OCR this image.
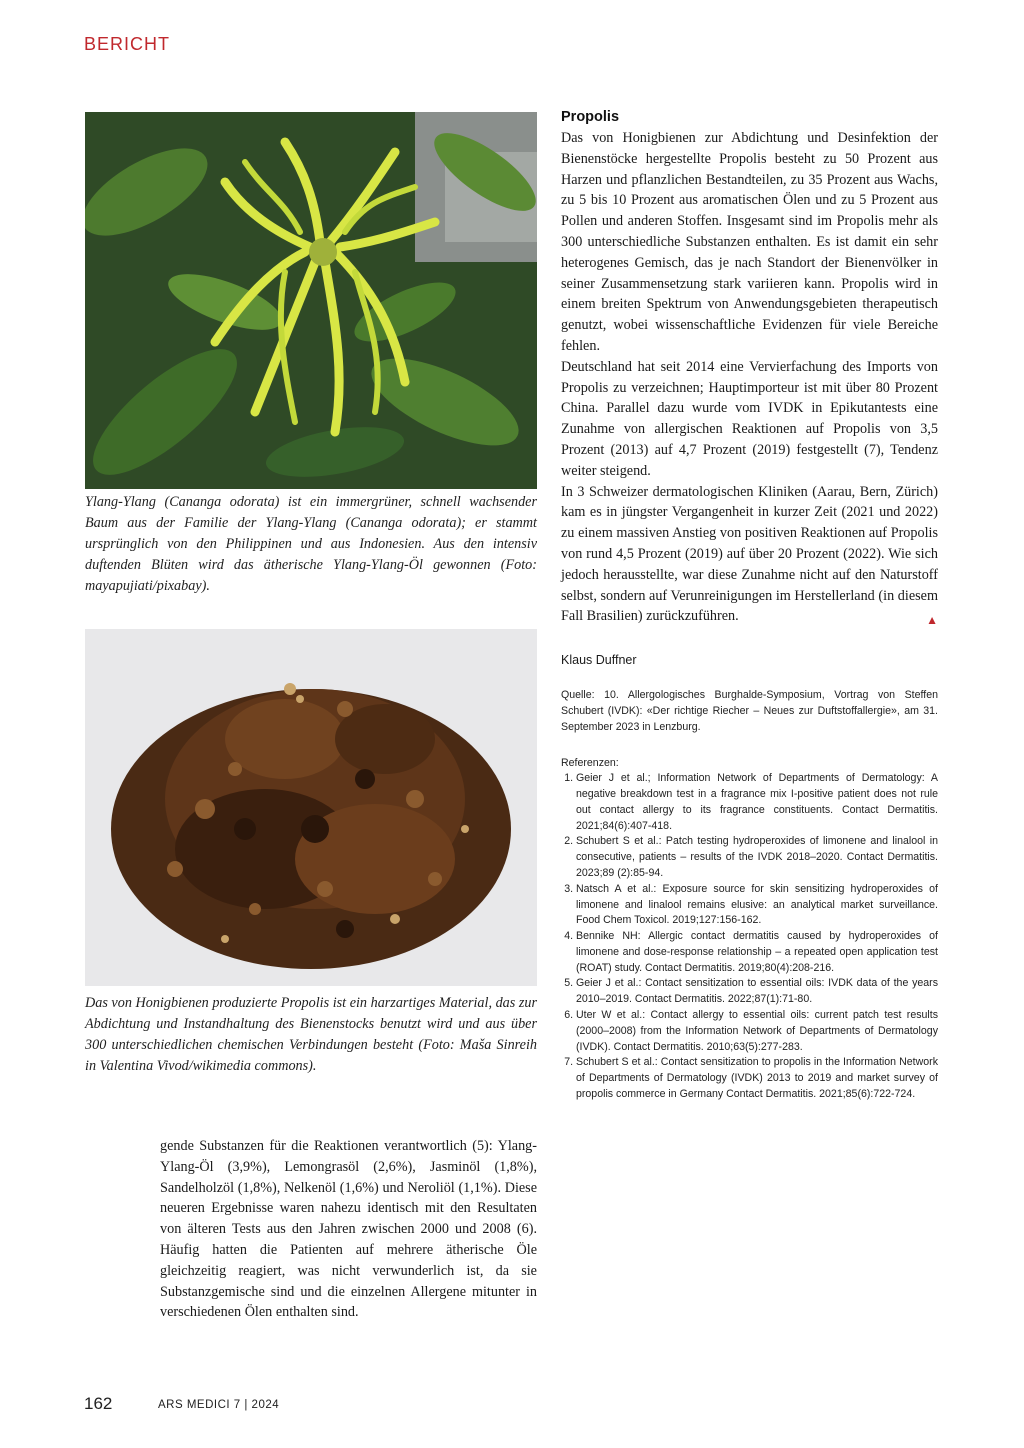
BERICHT

Ylang-Ylang (Cananga odorata) ist ein immergrüner, schnell wachsender Baum aus der Familie der Ylang-Ylang (Cananga odorata); er stammt ursprünglich von den Philippinen und aus Indonesien. Aus den intensiv duftenden Blüten wird das ätherische Ylang-Ylang-Öl gewonnen (Foto: mayapujiati/pixabay).

Das von Honigbienen produzierte Propolis ist ein harzartiges Material, das zur Abdichtung und Instandhaltung des Bienenstocks benutzt wird und aus über 300 unterschiedlichen chemischen Verbindungen besteht (Foto: Maša Sinreih in Valentina Vivod/wikimedia commons).

gende Substanzen für die Reaktionen verantwortlich (5): Ylang-Ylang-Öl (3,9%), Lemongrasöl (2,6%), Jasminöl (1,8%), Sandelholzöl (1,8%), Nelkenöl (1,6%) und Neroliöl (1,1%). Diese neueren Ergebnisse waren nahezu identisch mit den Resultaten von älteren Tests aus den Jahren zwischen 2000 und 2008 (6). Häufig hatten die Patienten auf mehrere ätherische Öle gleichzeitig reagiert, was nicht verwunderlich ist, da sie Substanzgemische sind und die einzelnen Allergene mitunter in verschiedenen Ölen enthalten sind.

Propolis

Das von Honigbienen zur Abdichtung und Desinfektion der Bienenstöcke hergestellte Propolis besteht zu 50 Prozent aus Harzen und pflanzlichen Bestandteilen, zu 35 Prozent aus Wachs, zu 5 bis 10 Prozent aus aromatischen Ölen und zu 5 Prozent aus Pollen und anderen Stoffen. Insgesamt sind im Propolis mehr als 300 unterschiedliche Substanzen enthalten. Es ist damit ein sehr heterogenes Gemisch, das je nach Standort der Bienenvölker in seiner Zusammensetzung stark variieren kann. Propolis wird in einem breiten Spektrum von Anwendungsgebieten therapeutisch genutzt, wobei wissenschaftliche Evidenzen für viele Bereiche fehlen.

Deutschland hat seit 2014 eine Vervierfachung des Imports von Propolis zu verzeichnen; Hauptimporteur ist mit über 80 Prozent China. Parallel dazu wurde vom IVDK in Epikutantests eine Zunahme von allergischen Reaktionen auf Propolis von 3,5 Prozent (2013) auf 4,7 Prozent (2019) festgestellt (7), Tendenz weiter steigend.

In 3 Schweizer dermatologischen Kliniken (Aarau, Bern, Zürich) kam es in jüngster Vergangenheit in kurzer Zeit (2021 und 2022) zu einem massiven Anstieg von positiven Reaktionen auf Propolis von rund 4,5 Prozent (2019) auf über 20 Prozent (2022). Wie sich jedoch herausstellte, war diese Zunahme nicht auf den Naturstoff selbst, sondern auf Verunreinigungen im Herstellerland (in diesem Fall Brasilien) zurückzuführen.	▲

Klaus Duffner

Quelle: 10. Allergologisches Burghalde-Symposium, Vortrag von Steffen Schubert (IVDK): «Der richtige Riecher – Neues zur Duftstoffallergie», am 31. September 2023 in Lenzburg.

Referenzen:

1. Geier J et al.; Information Network of Departments of Dermatology: A negative breakdown test in a fragrance mix I-positive patient does not rule out contact allergy to its fragrance constituents. Contact Dermatitis. 2021;84(6):407-418.
2. Schubert S et al.: Patch testing hydroperoxides of limonene and linalool in consecutive, patients – results of the IVDK 2018–2020. Contact Dermatitis. 2023;89 (2):85-94.
3. Natsch A et al.: Exposure source for skin sensitizing hydroperoxides of limonene and linalool remains elusive: an analytical market surveillance. Food Chem Toxicol. 2019;127:156-162.
4. Bennike NH: Allergic contact dermatitis caused by hydroperoxides of limonene and dose-response relationship – a repeated open application test (ROAT) study. Contact Dermatitis. 2019;80(4):208-216.
5. Geier J et al.: Contact sensitization to essential oils: IVDK data of the years 2010–2019. Contact Dermatitis. 2022;87(1):71-80.
6. Uter W et al.: Contact allergy to essential oils: current patch test results (2000–2008) from the Information Network of Departments of Dermatology (IVDK). Contact Dermatitis. 2010;63(5):277-283.
7. Schubert S et al.: Contact sensitization to propolis in the Information Network of Departments of Dermatology (IVDK) 2013 to 2019 and market survey of propolis commerce in Germany Contact Dermatitis. 2021;85(6):722-724.
162	ARS MEDICI 7 | 2024
